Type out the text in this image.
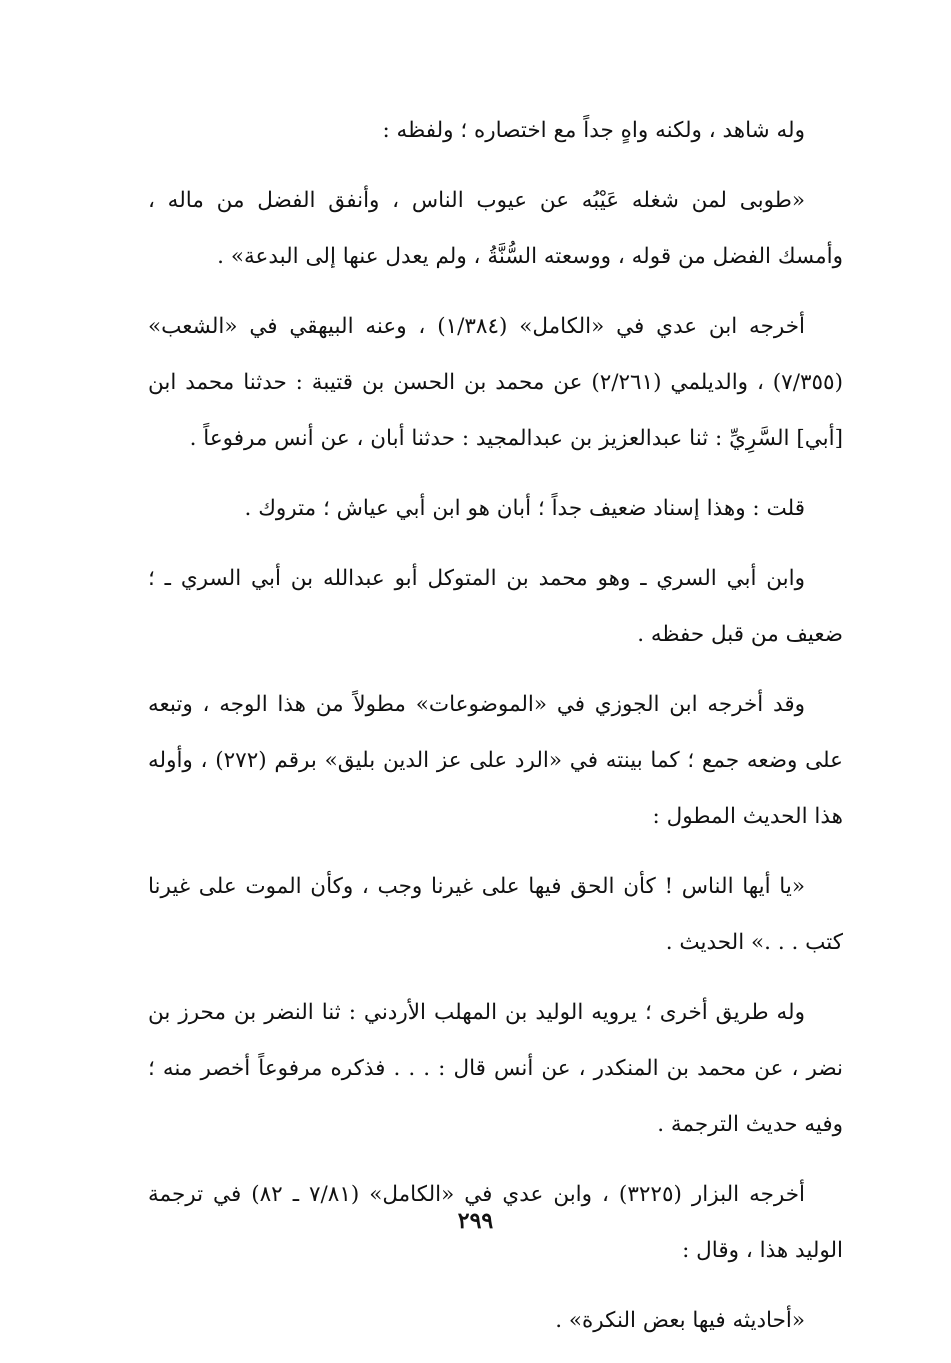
وله شاهد ، ولكنه واهٍ جداً مع اختصاره ؛ ولفظه :

«طوبى لمن شغله عَيْبُه عن عيوب الناس ، وأنفق الفضل من ماله ، وأمسك الفضل من قوله ، ووسعته السُّنَّةُ ، ولم يعدل عنها إلى البدعة» .

أخرجه ابن عدي في «الكامل» (١/٣٨٤) ، وعنه البيهقي في «الشعب» (٧/٣٥٥) ، والديلمي (٢/٢٦١) عن محمد بن الحسن بن قتيبة : حدثنا محمد ابن [أبي] السَّرِيِّ : ثنا عبدالعزيز بن عبدالمجيد : حدثنا أبان ، عن أنس مرفوعاً .

قلت : وهذا إسناد ضعيف جداً ؛ أبان هو ابن أبي عياش ؛ متروك .

وابن أبي السري ـ وهو محمد بن المتوكل أبو عبدالله بن أبي السري ـ ؛ ضعيف من قبل حفظه .

وقد أخرجه ابن الجوزي في «الموضوعات» مطولاً من هذا الوجه ، وتبعه على وضعه جمع ؛ كما بينته في «الرد على عز الدين بليق» برقم (٢٧٢) ، وأوله هذا الحديث المطول :

«يا أيها الناس ! كأن الحق فيها على غيرنا وجب ، وكأن الموت على غيرنا كتب . . .» الحديث .

وله طريق أخرى ؛ يرويه الوليد بن المهلب الأردني : ثنا النضر بن محرز بن نضر ، عن محمد بن المنكدر ، عن أنس قال : . . . فذكره مرفوعاً أخصر منه ؛ وفيه حديث الترجمة .

أخرجه البزار (٣٢٢٥) ، وابن عدي في «الكامل» (٧/٨١ ـ ٨٢) في ترجمة الوليد هذا ، وقال :

«أحاديثه فيها بعض النكرة» .

٢٩٩
